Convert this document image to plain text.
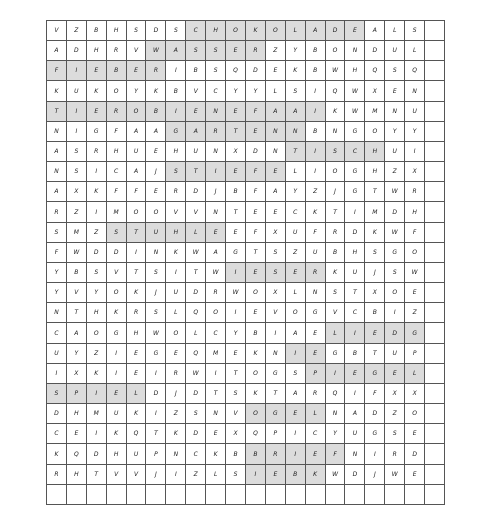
V	Z	B	H	S	D	S	C	H	O	K	O	L	A	D	E	A	L	S
A	D	H	R	V	W	A	S	S	E	R	Z	Y	B	O	N	D	U	L
F	I	E	B	E	R	I	B	S	Q	D	E	K	B	W	H	Q	S	Q
K	U	K	O	Y	K	B	V	C	Y	Y	L	S	I	Q	W	X	E	N
T	I	E	R	O	B	I	E	N	E	F	A	A	I	K	W	M	N	U
N	I	G	F	A	A	G	A	R	T	E	N	N	B	N	G	O	Y	Y
A	S	R	H	U	E	H	U	N	X	D	N	T	I	S	C	H	U	I
N	S	I	C	A	J	S	T	I	E	F	E	L	I	O	G	H	Z	X
A	X	K	F	F	E	R	D	J	B	F	A	Y	Z	J	G	T	W	R
R	Z	I	M	O	O	V	V	N	T	E	E	C	K	T	I	M	D	H
S	M	Z	S	T	U	H	L	E	E	F	X	U	F	R	D	K	W	F
F	W	D	D	I	N	K	W	A	G	T	S	Z	U	B	H	S	G	O
Y	B	S	V	T	S	I	T	W	I	E	S	E	R	K	U	J	S	W
Y	V	Y	O	K	J	U	D	R	W	O	X	L	N	S	T	X	O	E
N	T	H	K	R	S	L	Q	O	I	E	V	O	G	V	C	B	I	Z
C	A	O	G	H	W	O	L	C	Y	B	I	A	E	L	I	E	D	G
U	Y	Z	I	E	G	E	Q	M	E	K	N	I	E	G	B	T	U	P
I	X	K	I	E	I	R	W	I	T	O	G	S	P	I	E	G	E	L
S	P	I	E	L	D	J	D	T	S	K	T	A	R	Q	I	F	X	X
D	H	M	U	K	I	Z	S	N	V	O	G	E	L	N	A	D	Z	O
C	E	I	K	Q	T	K	D	E	X	Q	P	I	C	Y	U	G	S	E
K	Q	D	H	U	P	N	C	K	B	B	R	I	E	F	N	I	R	D
R	H	T	V	V	J	I	Z	L	S	I	E	B	K	W	D	J	W	E
